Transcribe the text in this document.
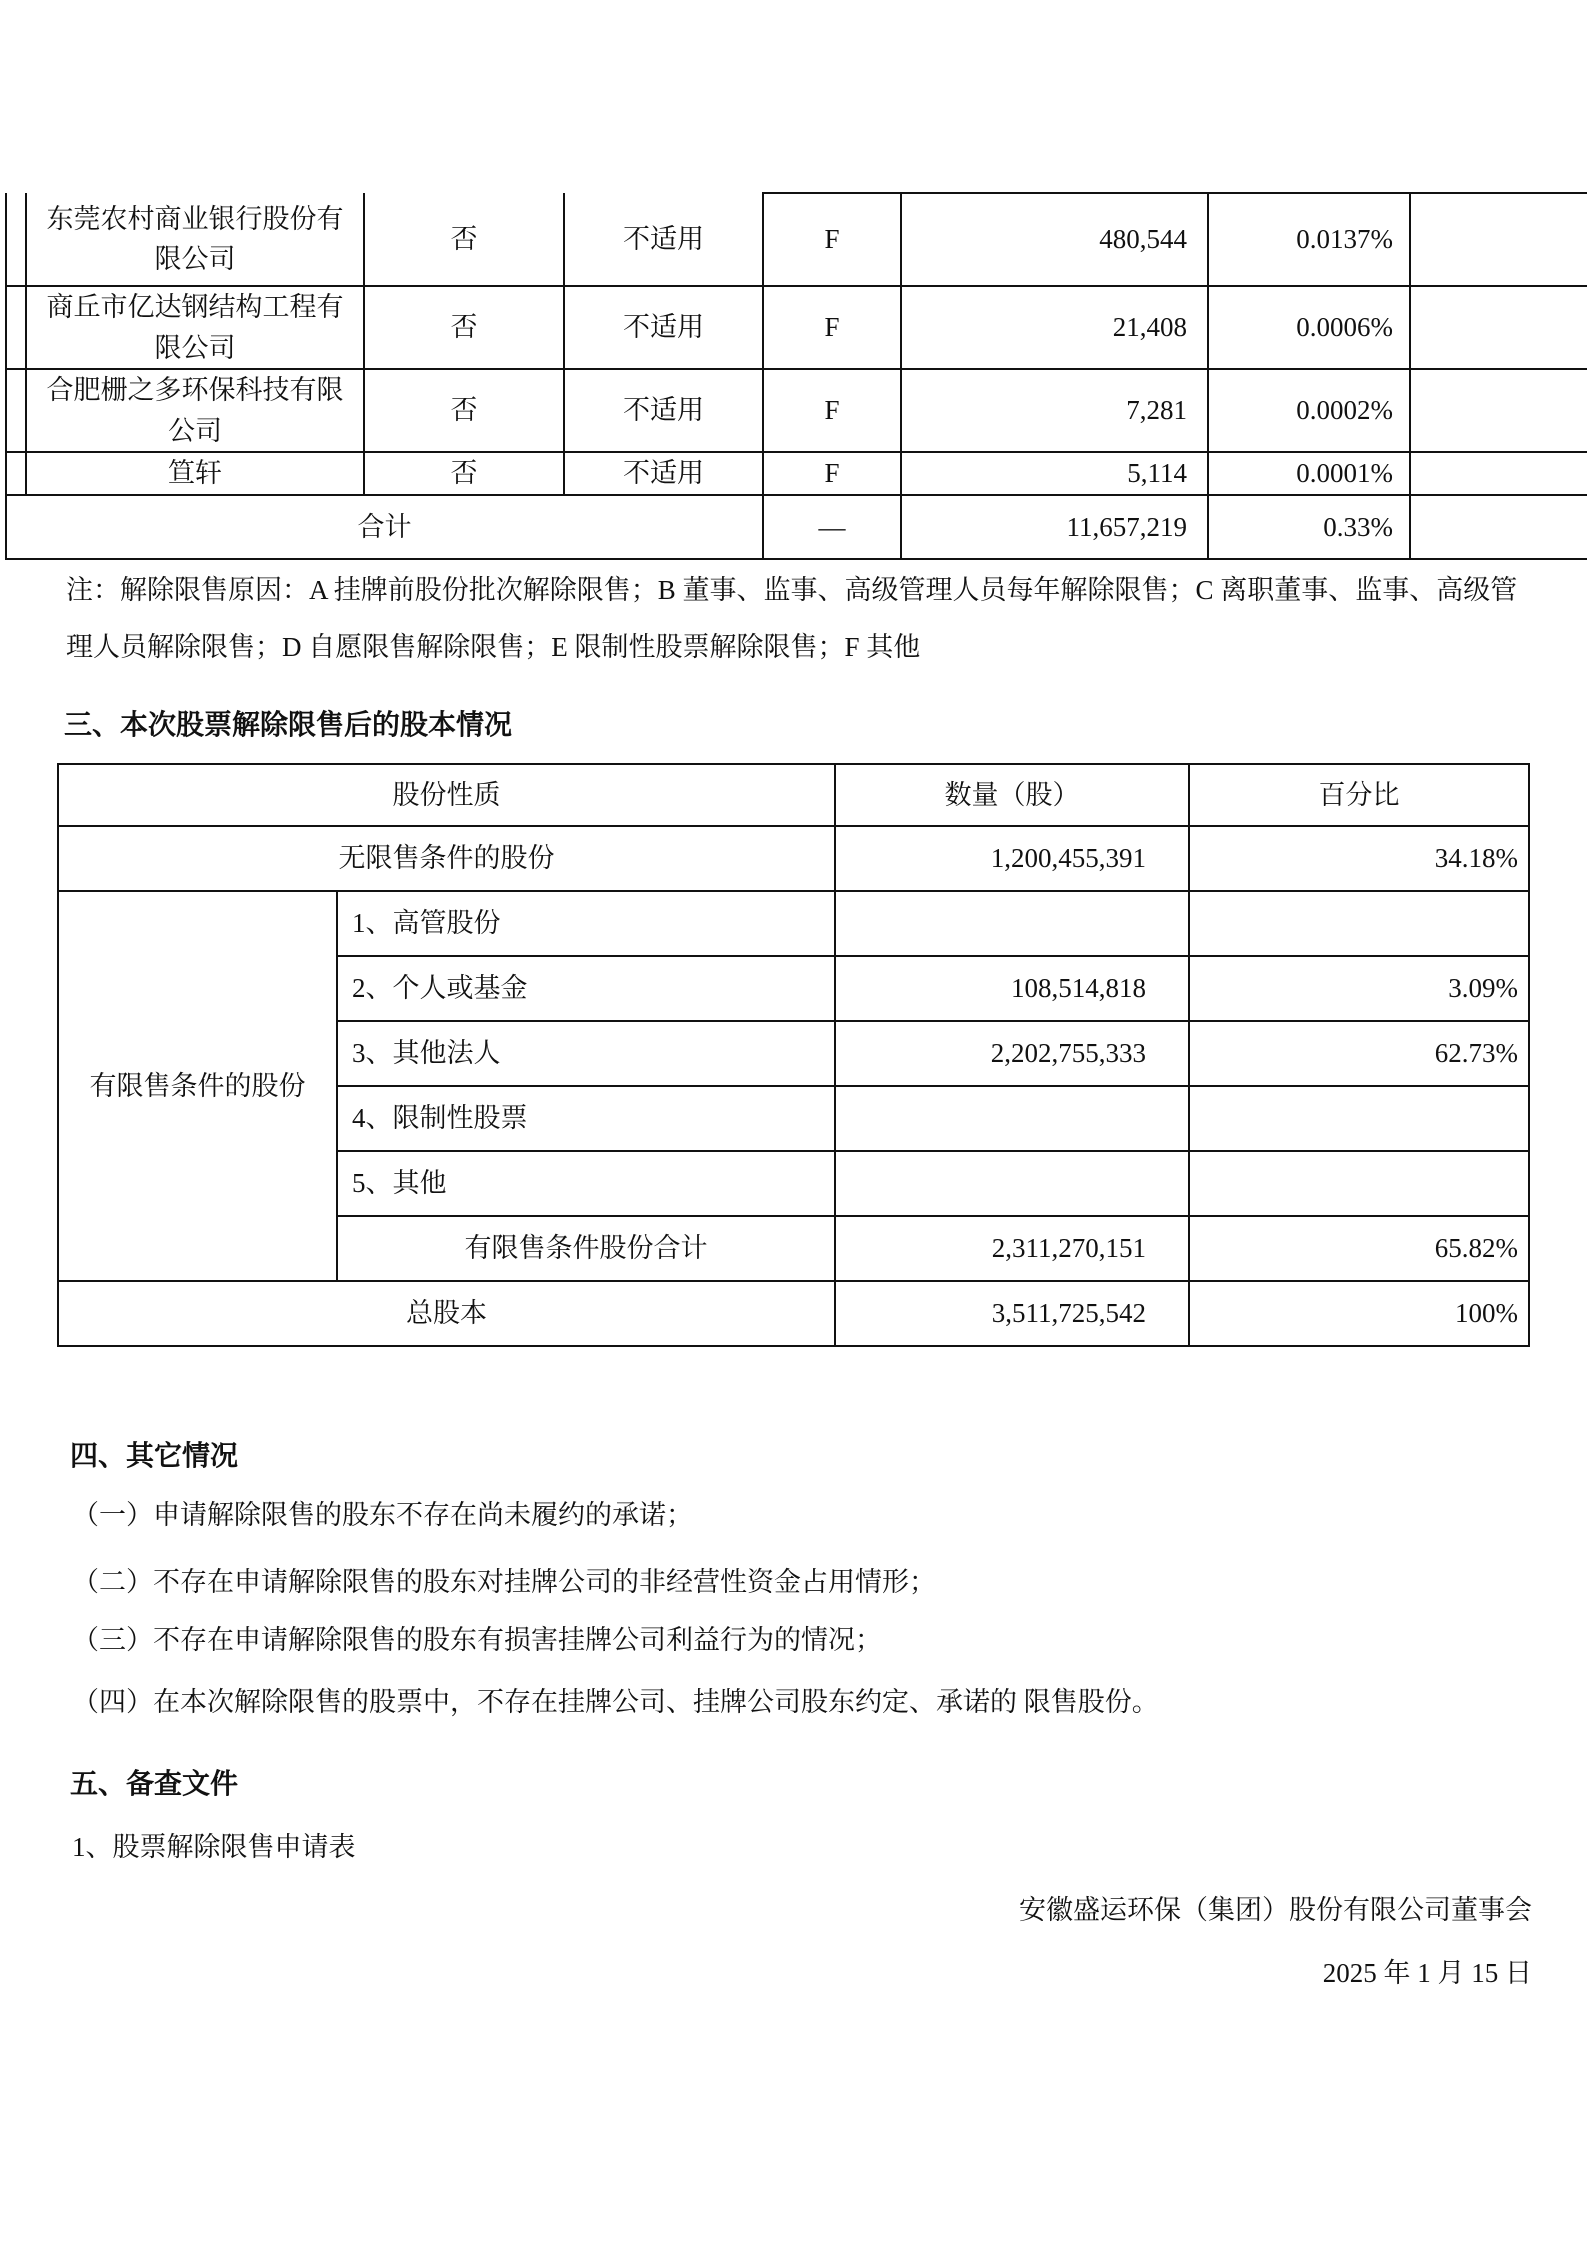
	东莞农村商业银行股份有限公司	否	不适用	F	480,544	0.0137%	
	商丘市亿达钢结构工程有限公司	否	不适用	F	21,408	0.0006%	
	合肥栅之多环保科技有限公司	否	不适用	F	7,281	0.0002%	
	笪轩	否	不适用	F	5,114	0.0001%	
合计				—	11,657,219	0.33%	
注：解除限售原因：A 挂牌前股份批次解除限售；B 董事、监事、高级管理人员每年解除限售；C 离职董事、监事、高级管
理人员解除限售；D 自愿限售解除限售；E 限制性股票解除限售；F 其他
三、本次股票解除限售后的股本情况
股份性质		数量（股）	百分比
无限售条件的股份		1,200,455,391	34.18%
有限售条件的股份	1、高管股份		
	2、个人或基金	108,514,818	3.09%
	3、其他法人	2,202,755,333	62.73%
	4、限制性股票		
	5、其他		
	有限售条件股份合计	2,311,270,151	65.82%
总股本		3,511,725,542	100%
四、其它情况
（一）申请解除限售的股东不存在尚未履约的承诺；
（二）不存在申请解除限售的股东对挂牌公司的非经营性资金占用情形；
（三）不存在申请解除限售的股东有损害挂牌公司利益行为的情况；
（四）在本次解除限售的股票中，不存在挂牌公司、挂牌公司股东约定、承诺的 限售股份。
五、备查文件
1、股票解除限售申请表
安徽盛运环保（集团）股份有限公司董事会
2025 年 1 月 15 日
